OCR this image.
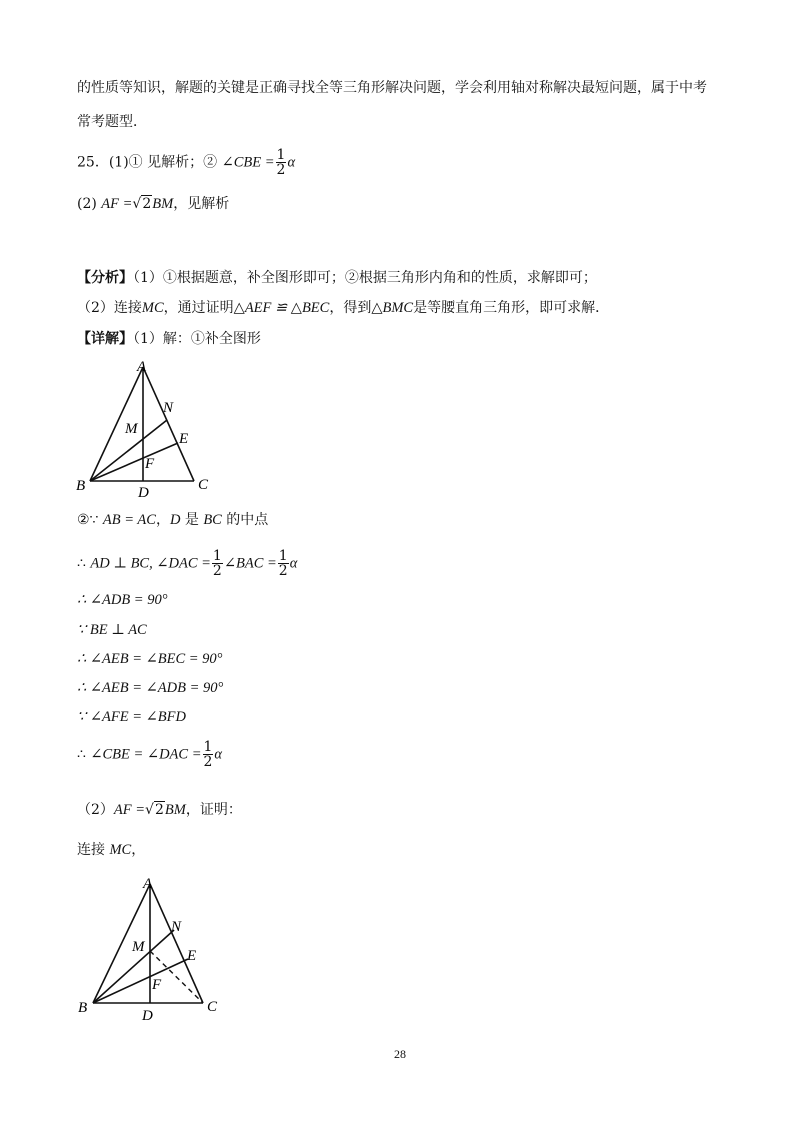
的性质等知识，解题的关键是正确寻找全等三角形解决问题，学会利用轴对称解决最短问题，属于中考
常考题型．
25．(1)① 见解析；② ∠CBE = $\frac{1}{2}$ α
(2) AF =√2BM，见解析
【分析】（1）①根据题意，补全图形即可；②根据三角形内角和的性质，求解即可；
（2）连接MC，通过证明△AEF ≌ △BEC，得到△BMC是等腰直角三角形，即可求解．
【详解】（1）解：①补全图形
A
N
M
E
F
B	D	C
②∵ AB = AC，D 是 BC 的中点
∴ AD ⊥ BC, ∠DAC = $\frac{1}{2}$ ∠BAC = $\frac{1}{2}$ α
∴ ∠ADB = 90°
∵ BE ⊥ AC
∴ ∠AEB = ∠BEC = 90°
∴ ∠AEB = ∠ADB = 90°
∵ ∠AFE = ∠BFD
∴ ∠CBE = ∠DAC = $\frac{1}{2}$ α
（2）AF =√2BM，证明：
连接 MC，
A
N
M
E
F
B	D
C
28
